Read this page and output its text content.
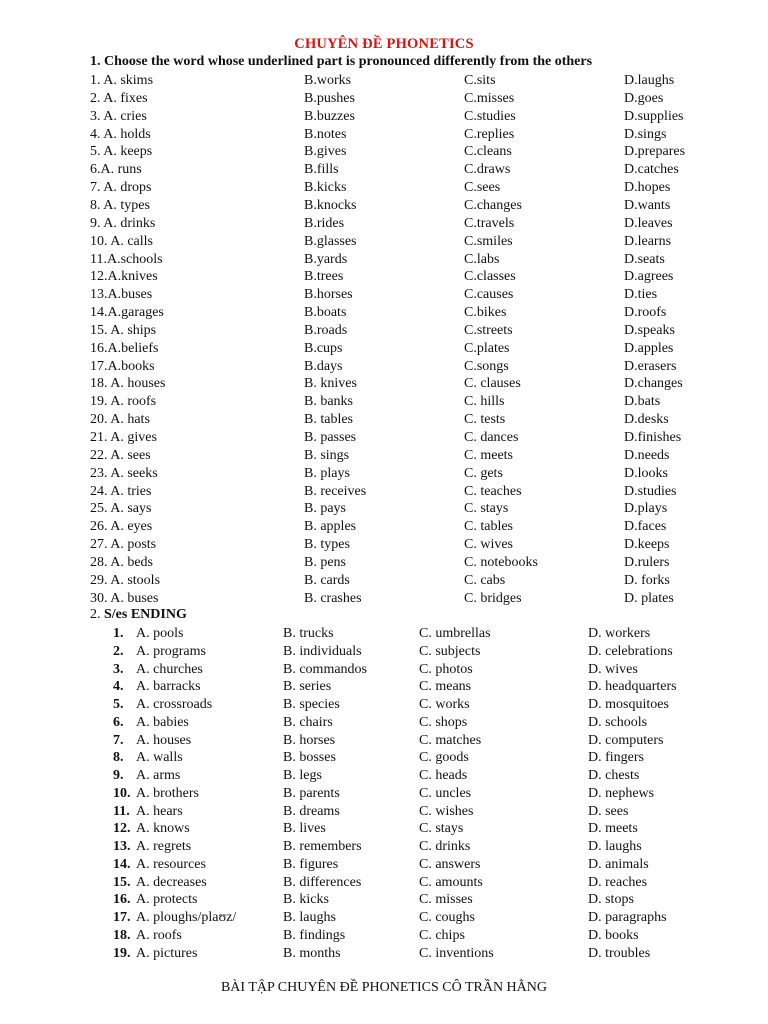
CHUYÊN ĐỀ PHONETICS
1. Choose the word whose underlined part is pronounced differently from the others
1. A. skims	B.works	C.sits	D.laughs
2. A. fixes	B.pushes	C.misses	D.goes
3. A. cries	B.buzzes	C.studies	D.supplies
4. A. holds	B.notes	C.replies	D.sings
5. A. keeps	B.gives	C.cleans	D.prepares
6.A. runs	B.fills	C.draws	D.catches
7. A. drops	B.kicks	C.sees	D.hopes
8. A. types	B.knocks	C.changes	D.wants
9. A. drinks	B.rides	C.travels	D.leaves
10. A. calls	B.glasses	C.smiles	D.learns
11.A.schools	B.yards	C.labs	D.seats
12.A.knives	B.trees	C.classes	D.agrees
13.A.buses	B.horses	C.causes	D.ties
14.A.garages	B.boats	C.bikes	D.roofs
15. A. ships	B.roads	C.streets	D.speaks
16.A.beliefs	B.cups	C.plates	D.apples
17.A.books	B.days	C.songs	D.erasers
18. A. houses	B. knives	C. clauses	D.changes
19. A. roofs	B. banks	C. hills	D.bats
20. A. hats	B. tables	C. tests	D.desks
21. A. gives	B. passes	C. dances	D.finishes
22. A. sees	B. sings	C. meets	D.needs
23. A. seeks	B. plays	C. gets	D.looks
24. A. tries	B. receives	C. teaches	D.studies
25. A. says	B. pays	C. stays	D.plays
26. A. eyes	B. apples	C. tables	D.faces
27. A. posts	B. types	C. wives	D.keeps
28. A. beds	B. pens	C. notebooks	D.rulers
29. A. stools	B. cards	C. cabs	D. forks
30. A. buses	B. crashes	C. bridges	D. plates
2. S/es ENDING
1. A. pools	B. trucks	C. umbrellas	D. workers
2. A. programs	B. individuals	C. subjects	D. celebrations
3. A. churches	B. commandos	C. photos	D. wives
4. A. barracks	B. series	C. means	D. headquarters
5. A. crossroads	B. species	C. works	D. mosquitoes
6. A. babies	B. chairs	C. shops	D. schools
7. A. houses	B. horses	C. matches	D. computers
8. A. walls	B. bosses	C. goods	D. fingers
9. A. arms	B. legs	C. heads	D. chests
10. A. brothers	B. parents	C. uncles	D. nephews
11. A. hears	B. dreams	C. wishes	D. sees
12. A. knows	B. lives	C. stays	D. meets
13. A. regrets	B. remembers	C. drinks	D. laughs
14. A. resources	B. figures	C. answers	D. animals
15. A. decreases	B. differences	C. amounts	D. reaches
16. A. protects	B. kicks	C. misses	D. stops
17. A. ploughs/plaʊz/	B. laughs	C. coughs	D. paragraphs
18. A. roofs	B. findings	C. chips	D. books
19. A. pictures	B. months	C. inventions	D. troubles
BÀI TẬP CHUYÊN ĐỀ PHONETICS CÔ TRẦN HẰNG
